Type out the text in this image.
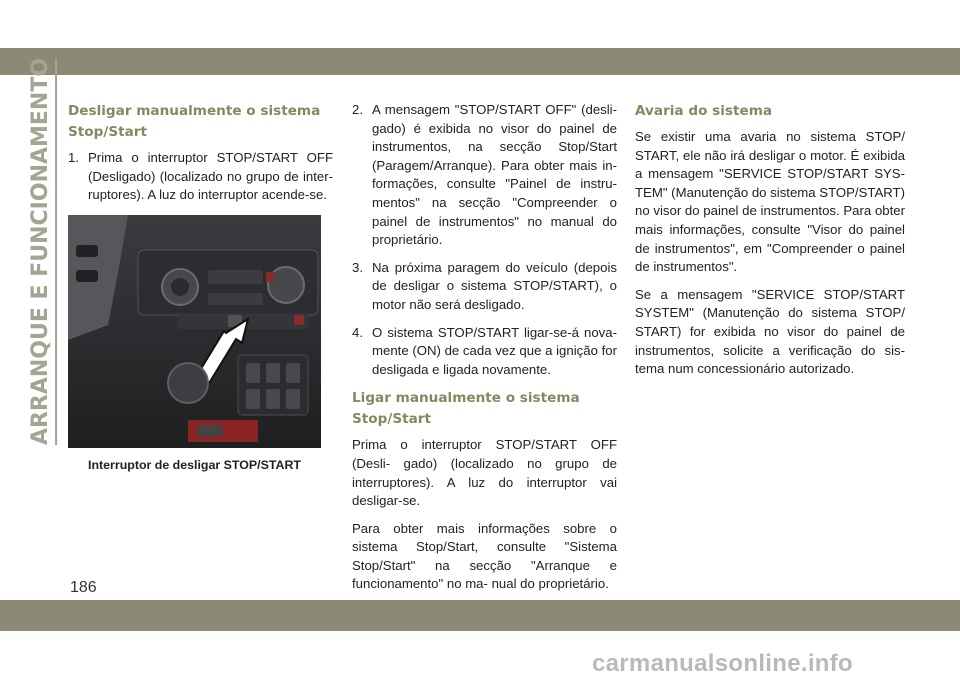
ARRANQUE E FUNCIONAMENTO Desligar manualmente o sistema Stop/Start
1. Prima o interruptor STOP/START OFF (Desligado) (localizado no grupo de inter- ruptores). A luz do interruptor acende-se.
Interruptor de desligar STOP/START
2. A mensagem "STOP/START OFF" (desli- gado) é exibida no visor do painel de instrumentos, na secção Stop/Start (Paragem/Arranque). Para obter mais in- formações, consulte "Painel de instru- mentos" na secção "Compreender o painel de instrumentos" no manual do proprietário.
3. Na próxima paragem do veículo (depois de desligar o sistema STOP/START), o motor não será desligado.
4. O sistema STOP/START ligar-se-á nova- mente (ON) de cada vez que a ignição for desligada e ligada novamente.
Ligar manualmente o sistema Stop/Start

Prima o interruptor STOP/START OFF (Desli- gado) (localizado no grupo de interruptores). A luz do interruptor vai desligar-se.

Para obter mais informações sobre o sistema Stop/Start, consulte "Sistema Stop/Start" na secção "Arranque e funcionamento" no ma- nual do proprietário.

Avaria do sistema

Se existir uma avaria no sistema STOP/ START, ele não irá desligar o motor. É exibida a mensagem "SERVICE STOP/START SYS- TEM" (Manutenção do sistema STOP/START) no visor do painel de instrumentos. Para obter mais informações, consulte "Visor do painel de instrumentos", em "Compreender o painel de instrumentos".

Se a mensagem "SERVICE STOP/START SYSTEM" (Manutenção do sistema STOP/ START) for exibida no visor do painel de instrumentos, solicite a verificação do sis- tema num concessionário autorizado.

186
carmanualsonline.info
